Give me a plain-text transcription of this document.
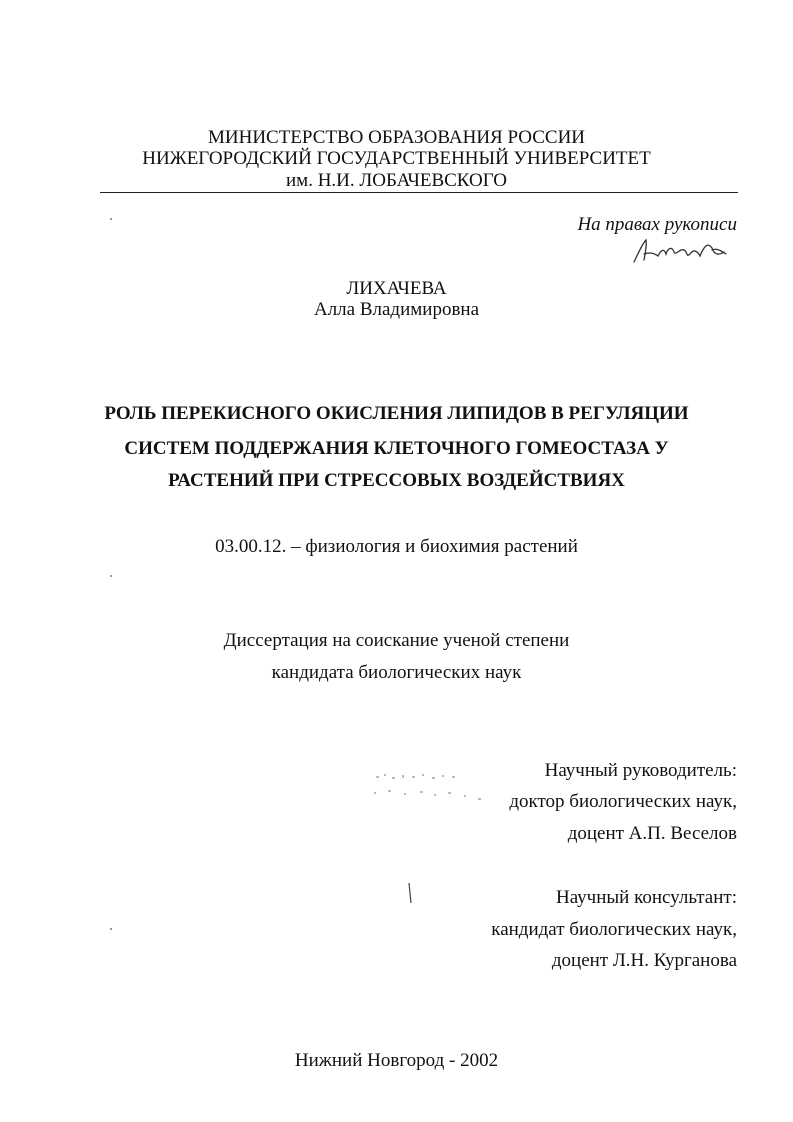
МИНИСТЕРСТВО ОБРАЗОВАНИЯ РОССИИ
НИЖЕГОРОДСКИЙ ГОСУДАРСТВЕННЫЙ УНИВЕРСИТЕТ
им. Н.И. ЛОБАЧЕВСКОГО
На правах рукописи
ЛИХАЧЕВА
Алла Владимировна
РОЛЬ ПЕРЕКИСНОГО ОКИСЛЕНИЯ ЛИПИДОВ В РЕГУЛЯЦИИ
СИСТЕМ ПОДДЕРЖАНИЯ КЛЕТОЧНОГО ГОМЕОСТАЗА У
РАСТЕНИЙ ПРИ СТРЕССОВЫХ ВОЗДЕЙСТВИЯХ
03.00.12. – физиология и биохимия растений
Диссертация на соискание ученой степени
кандидата биологических наук
Научный руководитель:
доктор биологических наук,
доцент А.П. Веселов
Научный консультант:
кандидат биологических наук,
доцент Л.Н. Курганова
Нижний Новгород - 2002
